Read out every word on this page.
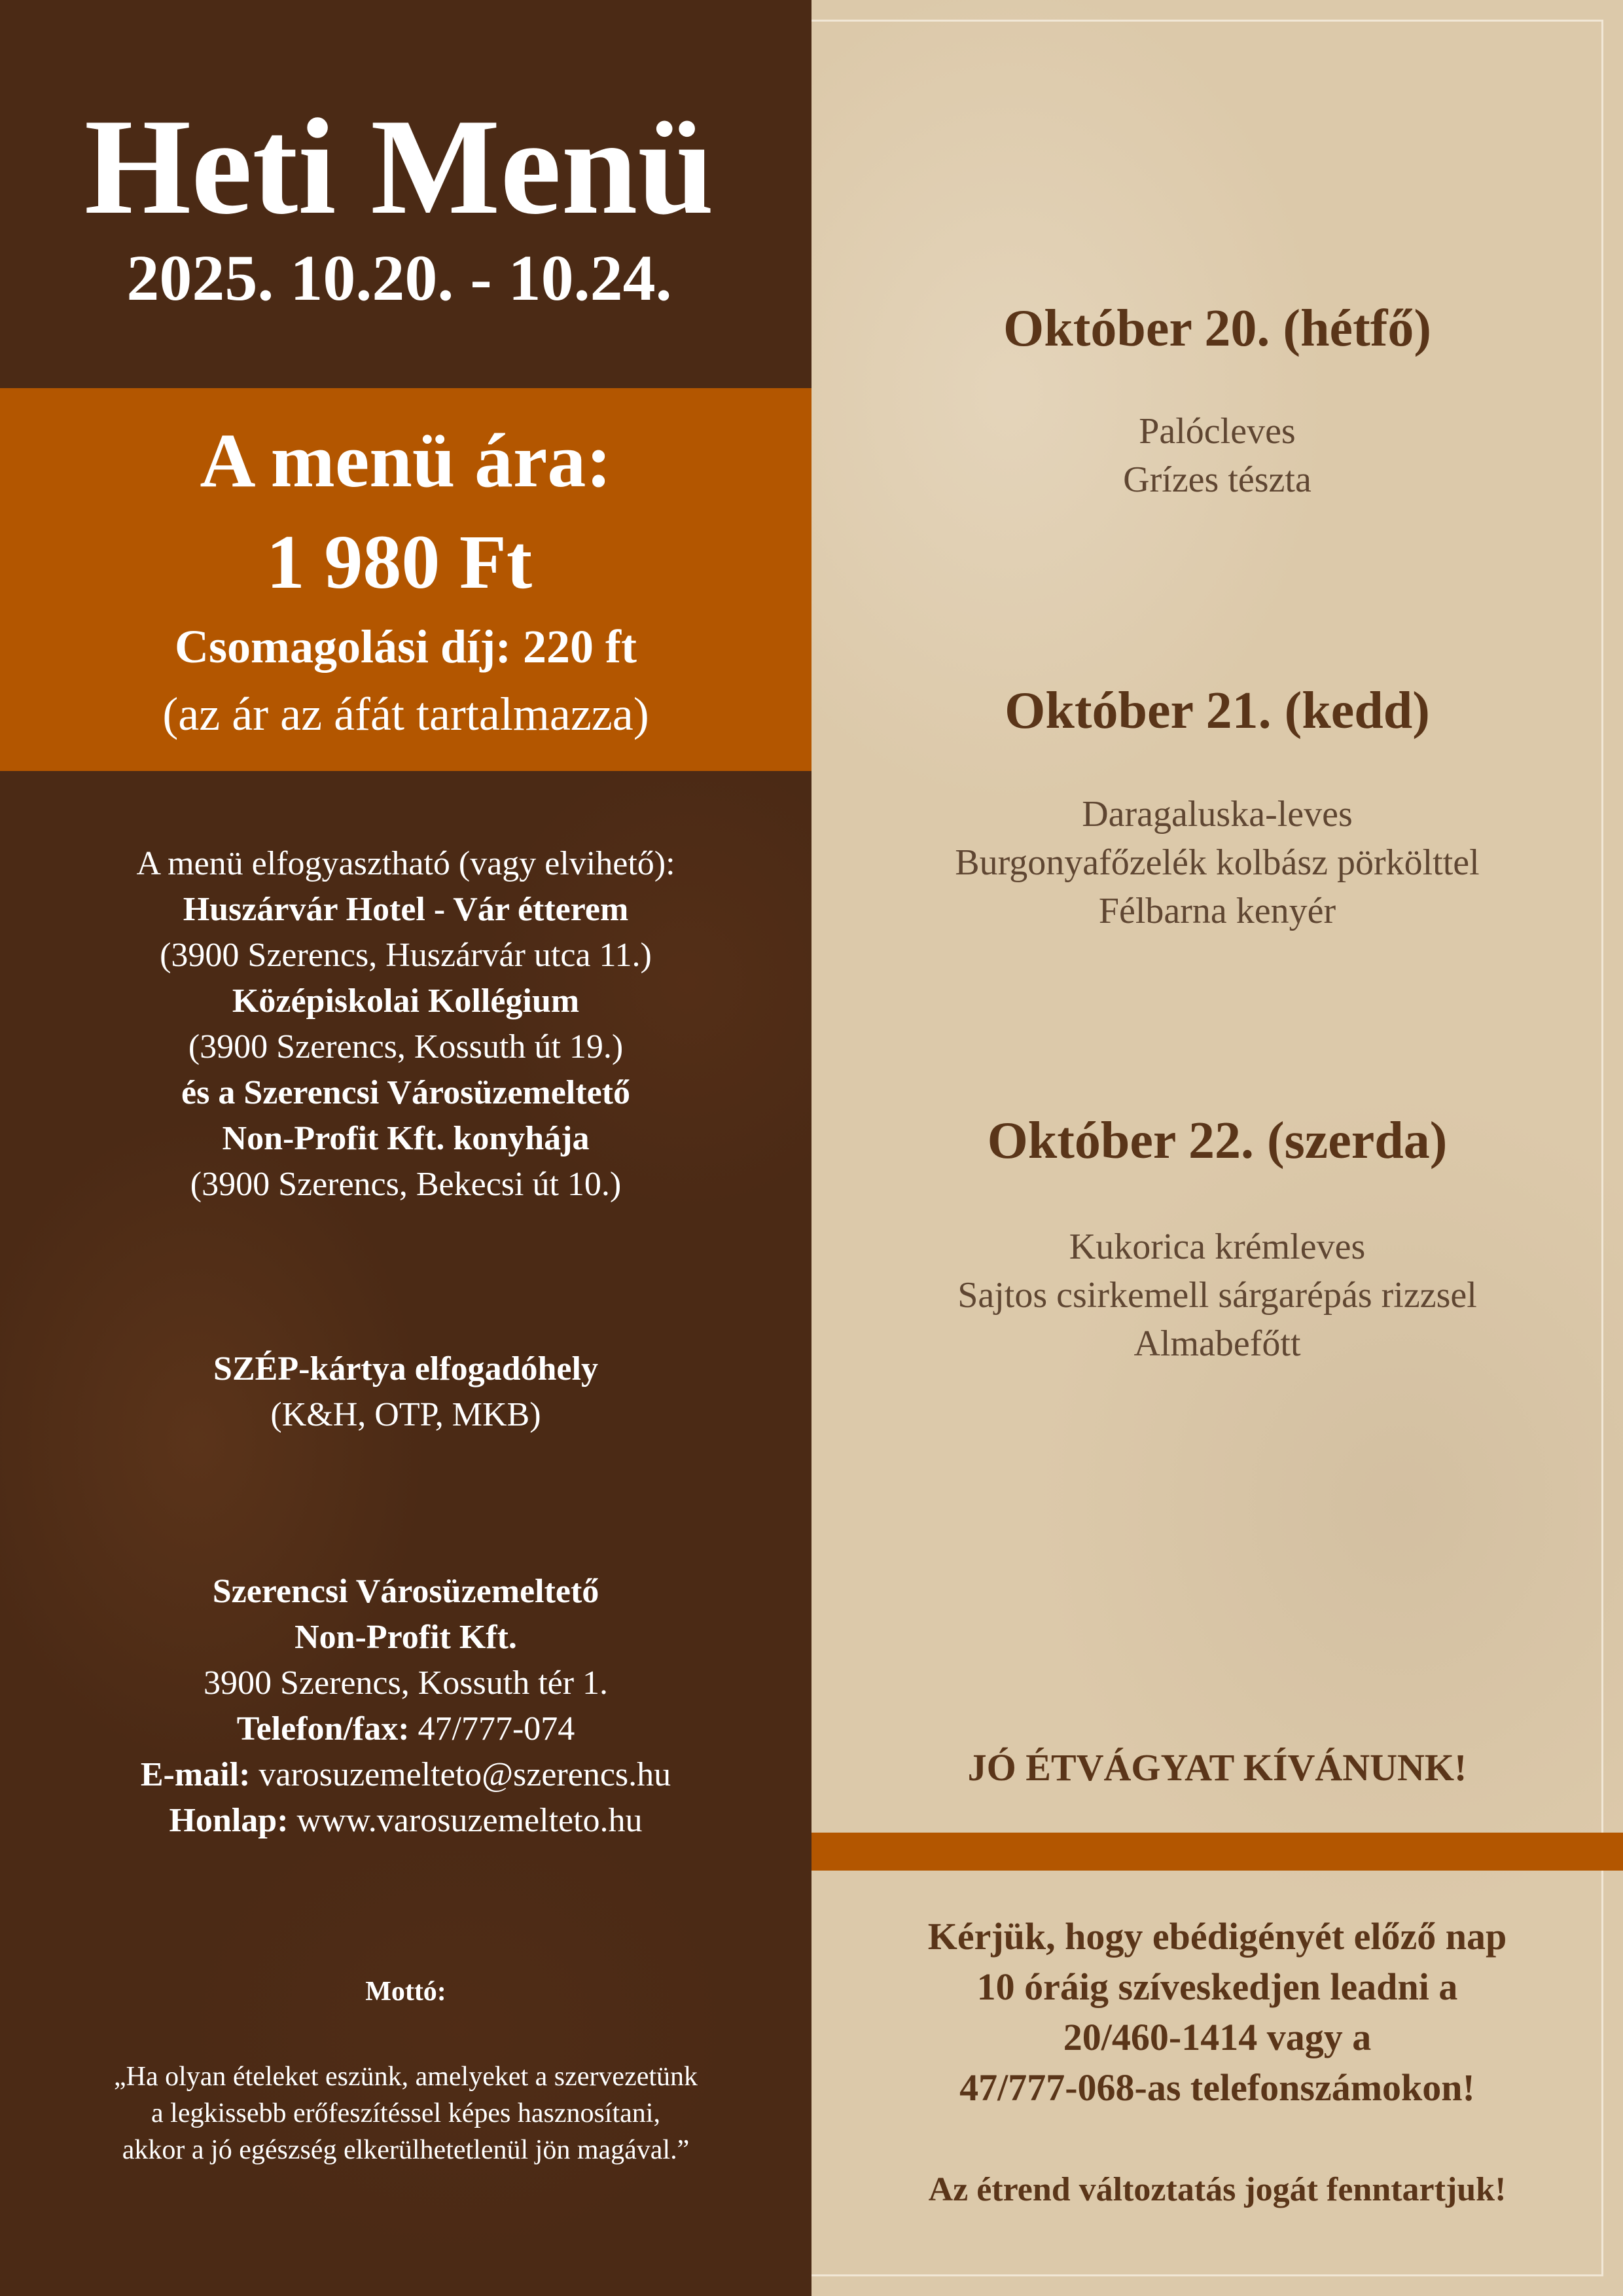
Heti Menü
2025. 10.20. - 10.24.
A menü ára:
1 980 Ft
Csomagolási díj: 220 ft
(az ár az áfát tartalmazza)
A menü elfogyasztható (vagy elvihető):
Huszárvár Hotel - Vár étterem
(3900 Szerencs, Huszárvár utca 11.)
Középiskolai Kollégium
(3900 Szerencs, Kossuth út 19.)
és a Szerencsi Városüzemeltető
Non-Profit Kft. konyhája
(3900 Szerencs, Bekecsi út 10.)
SZÉP-kártya elfogadóhely
(K&H, OTP, MKB)
Szerencsi Városüzemeltető
Non-Profit Kft.
3900 Szerencs, Kossuth tér 1.
Telefon/fax: 47/777-074
E-mail: varosuzemelteto@szerencs.hu
Honlap: www.varosuzemelteto.hu
Mottó:
„Ha olyan ételeket eszünk, amelyeket a szervezetünk
a legkissebb erőfeszítéssel képes hasznosítani,
akkor a jó egészség elkerülhetetlenül jön magával.”
Október 20. (hétfő)
Palócleves
Grízes tészta
Október 21. (kedd)
Daragaluska-leves
Burgonyafőzelék kolbász pörkölttel
Félbarna kenyér
Október 22. (szerda)
Kukorica krémleves
Sajtos csirkemell sárgarépás rizzsel
Almabefőtt
JÓ ÉTVÁGYAT KÍVÁNUNK!
Kérjük, hogy ebédigényét előző nap
10 óráig szíveskedjen leadni a
20/460-1414 vagy a
47/777-068-as telefonszámokon!
Az étrend változtatás jogát fenntartjuk!
